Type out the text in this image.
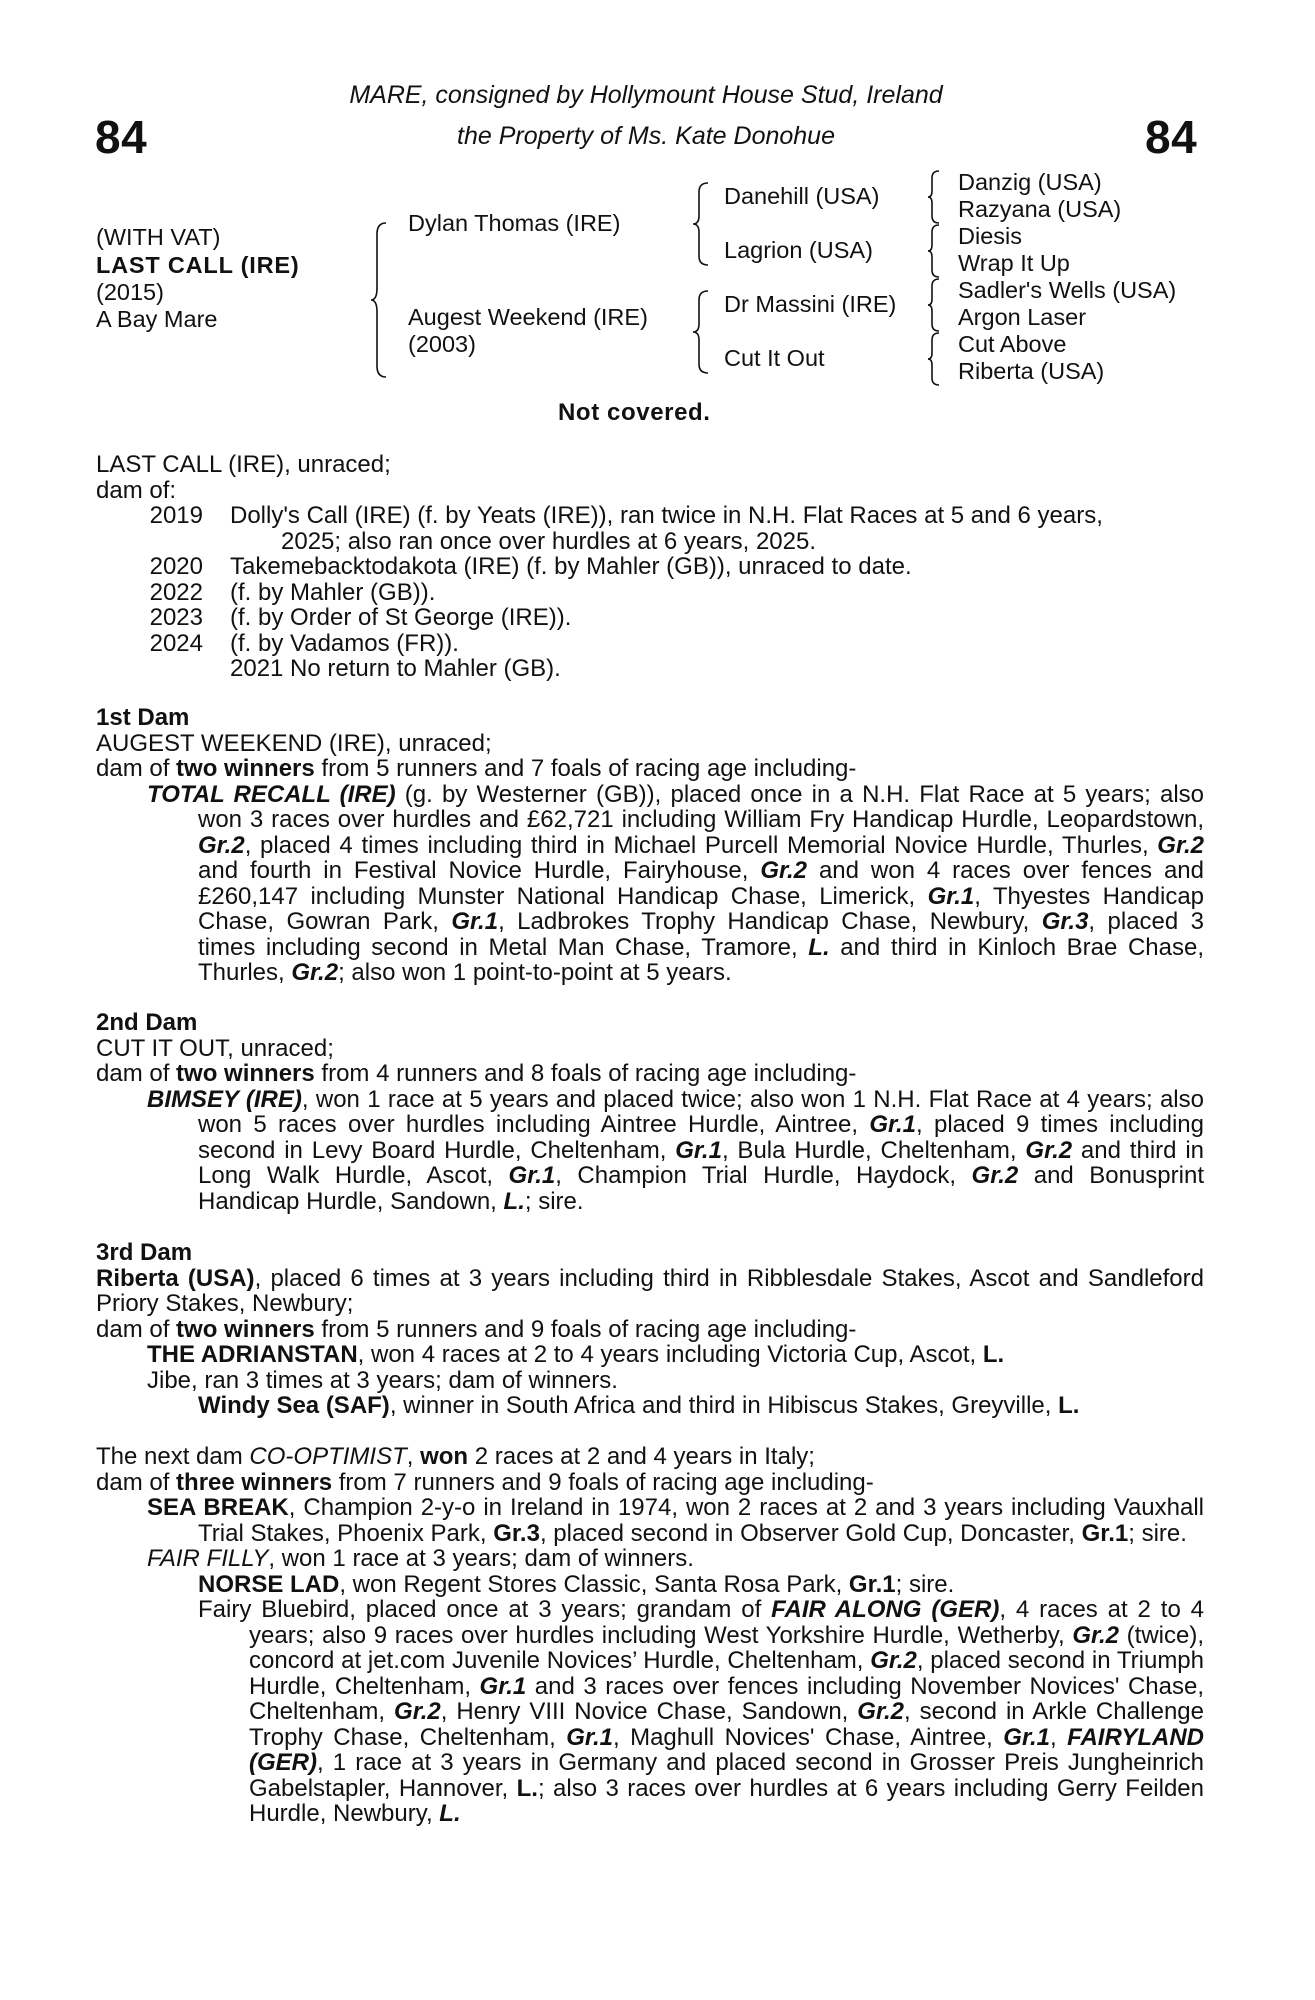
84	84
MARE, consigned by Hollymount House Stud, Ireland
the Property of Ms. Kate Donohue
(WITH VAT)
LAST CALL (IRE)
(2015)
A Bay Mare
Dylan Thomas (IRE)
Augest Weekend (IRE)
(2003)
Danehill (USA)
Lagrion (USA)
Dr Massini (IRE)
Cut It Out
Danzig (USA)
Razyana (USA)
Diesis
Wrap It Up
Sadler's Wells (USA)
Argon Laser
Cut Above
Riberta (USA)
Not covered.
LAST CALL (IRE), unraced;
dam of:
2019 Dolly's Call (IRE) (f. by Yeats (IRE)), ran twice in N.H. Flat Races at 5 and 6 years,
2025; also ran once over hurdles at 6 years, 2025.
2020 Takemebacktodakota (IRE) (f. by Mahler (GB)), unraced to date.
2022 (f. by Mahler (GB)).
2023 (f. by Order of St George (IRE)).
2024 (f. by Vadamos (FR)).
2021 No return to Mahler (GB).
1st Dam
AUGEST WEEKEND (IRE), unraced;
dam of two winners from 5 runners and 7 foals of racing age including-
TOTAL RECALL (IRE) (g. by Westerner (GB)), placed once in a N.H. Flat Race at 5 years; also won 3 races over hurdles and £62,721 including William Fry Handicap Hurdle, Leopardstown, Gr.2, placed 4 times including third in Michael Purcell Memorial Novice Hurdle, Thurles, Gr.2 and fourth in Festival Novice Hurdle, Fairyhouse, Gr.2 and won 4 races over fences and £260,147 including Munster National Handicap Chase, Limerick, Gr.1, Thyestes Handicap Chase, Gowran Park, Gr.1, Ladbrokes Trophy Handicap Chase, Newbury, Gr.3, placed 3 times including second in Metal Man Chase, Tramore, L. and third in Kinloch Brae Chase, Thurles, Gr.2; also won 1 point-to-point at 5 years.
2nd Dam
CUT IT OUT, unraced;
dam of two winners from 4 runners and 8 foals of racing age including-
BIMSEY (IRE), won 1 race at 5 years and placed twice; also won 1 N.H. Flat Race at 4 years; also won 5 races over hurdles including Aintree Hurdle, Aintree, Gr.1, placed 9 times including second in Levy Board Hurdle, Cheltenham, Gr.1, Bula Hurdle, Cheltenham, Gr.2 and third in Long Walk Hurdle, Ascot, Gr.1, Champion Trial Hurdle, Haydock, Gr.2 and Bonusprint Handicap Hurdle, Sandown, L.; sire.
3rd Dam
Riberta (USA), placed 6 times at 3 years including third in Ribblesdale Stakes, Ascot and Sandleford Priory Stakes, Newbury;
dam of two winners from 5 runners and 9 foals of racing age including-
THE ADRIANSTAN, won 4 races at 2 to 4 years including Victoria Cup, Ascot, L.
Jibe, ran 3 times at 3 years; dam of winners.
Windy Sea (SAF), winner in South Africa and third in Hibiscus Stakes, Greyville, L.
The next dam CO-OPTIMIST, won 2 races at 2 and 4 years in Italy;
dam of three winners from 7 runners and 9 foals of racing age including-
SEA BREAK, Champion 2-y-o in Ireland in 1974, won 2 races at 2 and 3 years including Vauxhall Trial Stakes, Phoenix Park, Gr.3, placed second in Observer Gold Cup, Doncaster, Gr.1; sire.
FAIR FILLY, won 1 race at 3 years; dam of winners.
NORSE LAD, won Regent Stores Classic, Santa Rosa Park, Gr.1; sire.
Fairy Bluebird, placed once at 3 years; grandam of FAIR ALONG (GER), 4 races at 2 to 4 years; also 9 races over hurdles including West Yorkshire Hurdle, Wetherby, Gr.2 (twice), concord at jet.com Juvenile Novices’ Hurdle, Cheltenham, Gr.2, placed second in Triumph Hurdle, Cheltenham, Gr.1 and 3 races over fences including November Novices' Chase, Cheltenham, Gr.2, Henry VIII Novice Chase, Sandown, Gr.2, second in Arkle Challenge Trophy Chase, Cheltenham, Gr.1, Maghull Novices' Chase, Aintree, Gr.1, FAIRYLAND (GER), 1 race at 3 years in Germany and placed second in Grosser Preis Jungheinrich Gabelstapler, Hannover, L.; also 3 races over hurdles at 6 years including Gerry Feilden Hurdle, Newbury, L.
